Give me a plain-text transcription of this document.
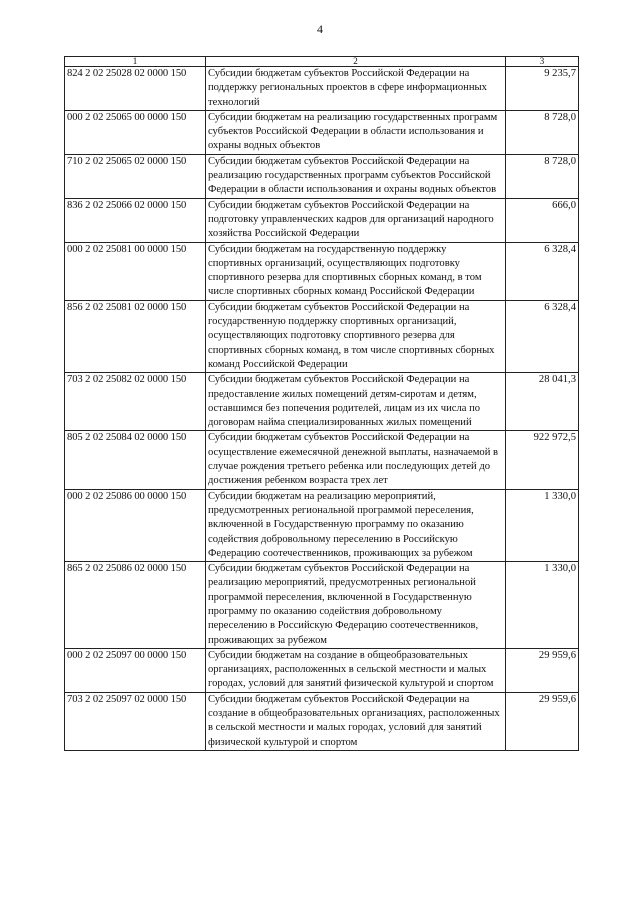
4
1	2	3
824 2 02 25028 02 0000 150	Субсидии бюджетам субъектов Российской Федерации на поддержку региональных проектов в сфере информационных технологий	9 235,7
000 2 02 25065 00 0000 150	Субсидии бюджетам на реализацию государственных программ субъектов Российской Федерации в области использования и охраны водных объектов	8 728,0
710 2 02 25065 02 0000 150	Субсидии бюджетам субъектов Российской Федерации на реализацию государственных программ субъектов Российской Федерации в области использования и охраны водных объектов	8 728,0
836 2 02 25066 02 0000 150	Субсидии бюджетам субъектов Российской Федерации на подготовку управленческих кадров для организаций народного хозяйства Российской Федерации	666,0
000 2 02 25081 00 0000 150	Субсидии бюджетам на государственную поддержку спортивных организаций, осуществляющих подготовку спортивного резерва для спортивных сборных команд, в том числе спортивных сборных команд Российской Федерации	6 328,4
856 2 02 25081 02 0000 150	Субсидии бюджетам субъектов Российской Федерации на государственную поддержку спортивных организаций, осуществляющих подготовку спортивного резерва для спортивных сборных команд, в том числе спортивных сборных команд Российской Федерации	6 328,4
703 2 02 25082 02 0000 150	Субсидии бюджетам субъектов Российской Федерации на предоставление жилых помещений детям-сиротам и детям, оставшимся без попечения родителей, лицам из их числа по договорам найма специализированных жилых помещений	28 041,3
805 2 02 25084 02 0000 150	Субсидии бюджетам субъектов Российской Федерации на осуществление ежемесячной денежной выплаты, назначаемой в случае рождения третьего ребенка или последующих детей до достижения ребенком возраста трех лет	922 972,5
000 2 02 25086 00 0000 150	Субсидии бюджетам на реализацию мероприятий, предусмотренных региональной программой переселения, включенной в Государственную программу по оказанию содействия добровольному переселению в Российскую Федерацию соотечественников, проживающих за рубежом	1 330,0
865 2 02 25086 02 0000 150	Субсидии бюджетам субъектов Российской Федерации на реализацию мероприятий, предусмотренных региональной программой переселения, включенной в Государственную программу по оказанию содействия добровольному переселению в Российскую Федерацию соотечественников, проживающих за рубежом	1 330,0
000 2 02 25097 00 0000 150	Субсидии бюджетам на создание в общеобразовательных организациях, расположенных в сельской местности и малых городах, условий для занятий физической культурой и спортом	29 959,6
703 2 02 25097 02 0000 150	Субсидии бюджетам субъектов Российской Федерации на создание в общеобразовательных организациях, расположенных в сельской местности и малых городах, условий для занятий физической культурой и спортом	29 959,6
